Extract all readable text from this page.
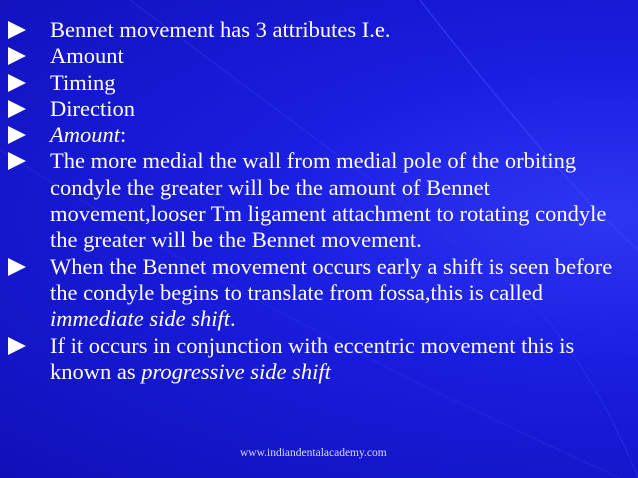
Bennet movement has 3 attributes I.e.
Amount
Timing
Direction
Amount:
The more medial the wall from medial pole of the orbiting condyle the greater will be the amount of Bennet movement,looser Tm ligament attachment to rotating condyle the greater will be the Bennet movement.
When the Bennet movement occurs early a shift is seen before the condyle begins to translate from fossa,this is called immediate side shift.
If it occurs in conjunction with eccentric movement this is known as progressive side shift
www.indiandentalacademy.com
